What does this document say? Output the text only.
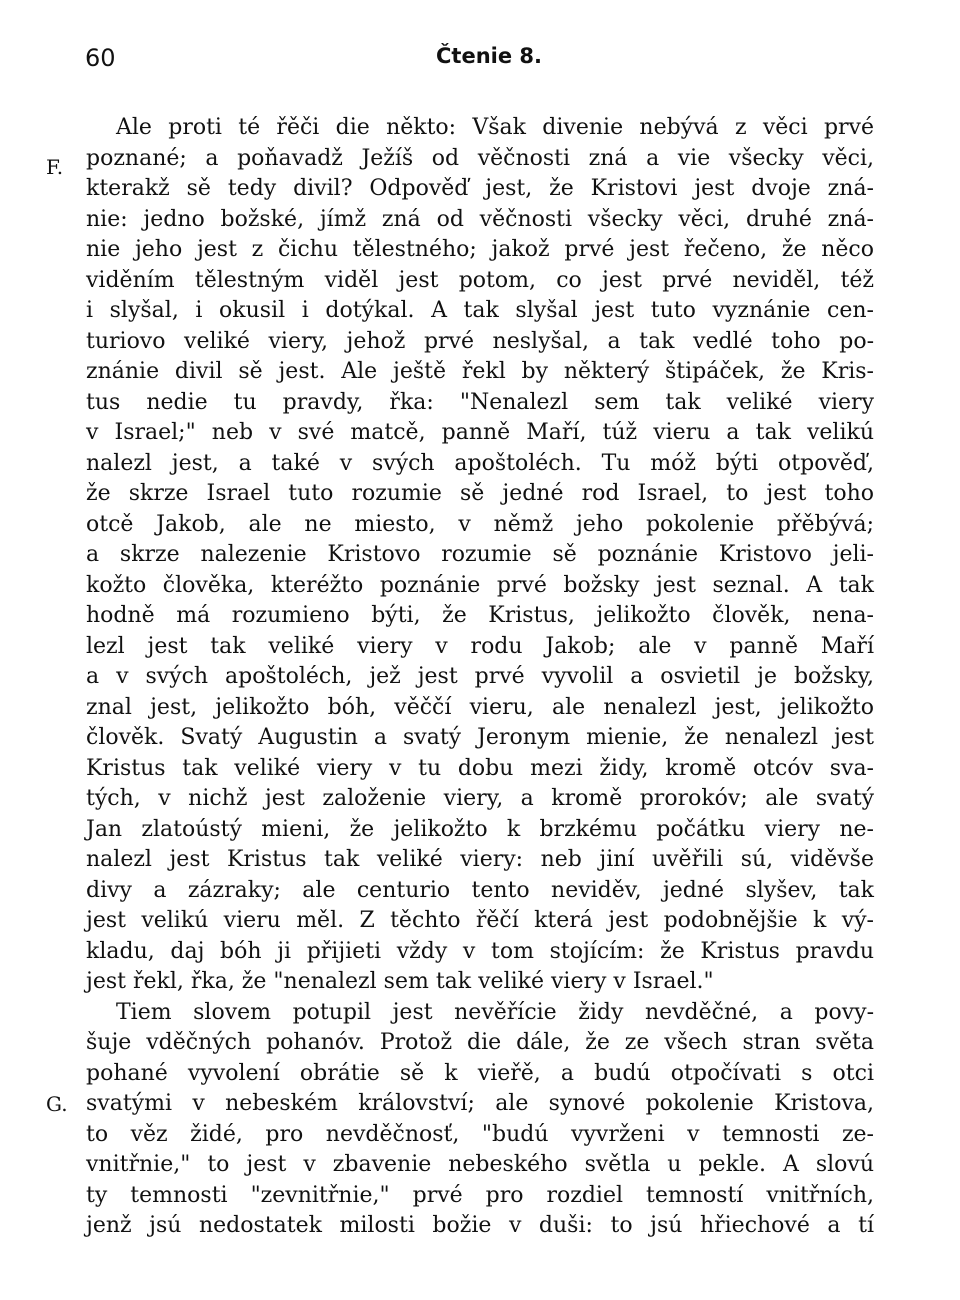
60	Čtenie 8.
F.
G.
Ale proti té řěči die někto: Však divenie nebývá z věci prvé
poznané; a poňavadž Ježíš od věčnosti zná a vie všecky věci,
kterakž sě tedy divil? Odpověď jest, že Kristovi jest dvoje zná-
nie: jedno božské, jímž zná od věčnosti všecky věci, druhé zná-
nie jeho jest z čichu tělestného; jakož prvé jest řečeno, že něco
viděním tělestným viděl jest potom, co jest prvé neviděl, též
i slyšal, i okusil i dotýkal. A tak slyšal jest tuto vyznánie cen-
turiovo veliké viery, jehož prvé neslyšal, a tak vedlé toho po-
znánie divil sě jest. Ale ještě řekl by některý štipáček, že Kris-
tus nedie tu pravdy, řka: "Nenalezl sem tak veliké viery
v Israel;" neb v své matcě, panně Maří, túž vieru a tak velikú
nalezl jest, a také v svých apoštoléch. Tu móž býti otpověď,
že skrze Israel tuto rozumie sě jedné rod Israel, to jest toho
otcě Jakob, ale ne miesto, v němž jeho pokolenie přěbývá;
a skrze nalezenie Kristovo rozumie sě poznánie Kristovo jeli-
kožto člověka, kteréžto poznánie prvé božsky jest seznal. A tak
hodně má rozumieno býti, že Kristus, jelikožto člověk, nena-
lezl jest tak veliké viery v rodu Jakob; ale v panně Maří
a v svých apoštoléch, jež jest prvé vyvolil a osvietil je božsky,
znal jest, jelikožto bóh, věččí vieru, ale nenalezl jest, jelikožto
člověk. Svatý Augustin a svatý Jeronym mienie, že nenalezl jest
Kristus tak veliké viery v tu dobu mezi židy, kromě otcóv sva-
tých, v nichž jest založenie viery, a kromě prorokóv; ale svatý
Jan zlatoústý mieni, že jelikožto k brzkému počátku viery ne-
nalezl jest Kristus tak veliké viery: neb jiní uvěřili sú, viděvše
divy a zázraky; ale centurio tento neviděv, jedné slyšev, tak
jest velikú vieru měl. Z těchto řěčí která jest podobnějšie k vý-
kladu, daj bóh ji přijieti vždy v tom stojícím: že Kristus pravdu
jest řekl, řka, že "nenalezl sem tak veliké viery v Israel."
Tiem slovem potupil jest nevěřície židy nevděčné, a povy-
šuje vděčných pohanóv. Protož die dále, že ze všech stran světa
pohané vyvolení obrátie sě k vieřě, a budú otpočívati s otci
svatými v nebeském království; ale synové pokolenie Kristova,
to věz židé, pro nevděčnosť, "budú vyvrženi v temnosti ze-
vnitřnie," to jest v zbavenie nebeského světla u pekle. A slovú
ty temnosti "zevnitřnie," prvé pro rozdiel temností vnitřních,
jenž jsú nedostatek milosti božie v duši: to jsú hřiechové a tí
